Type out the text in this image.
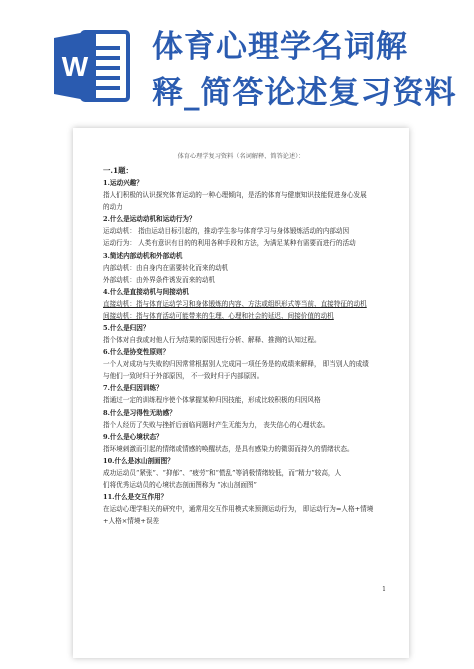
W
体育心理学名词解
释_简答论述复习资料
体育心理学复习资料（名词解释、简答论述）：
一.1题：
1.运动兴趣？
指人们积极的认识探究体育运动的一种心理倾向，是活的体育与健康知识技能促进身心发展
的动力
2.什么是运动动机和运动行为？
运动动机： 指由运动目标引起的，推动学生参与体育学习与身体锻炼活动的内部动因
运动行为： 人类有意识有目的的利用各种手段和方法，为满足某种有需要而进行的活动
3.简述内部动机和外部动机
内部动机：由自身内在需要转化而来的动机
外部动机：由外界条件诱发而来的动机
4.什么是直接动机与间接动机
直接动机：指与体育运动学习和身体锻炼的内容、方法或组织形式等当前、直接特征的动机
间接动机：指与体育活动可能带来的生理、心理和社会的延迟、间接价值的动机
5.什么是归因？
指个体对自我或对他人行为结果的原因进行分析、解释、推测的认知过程。
6.什么是协变性原则？
一个人对成功与失败的归因常常根据别人完成同一项任务是的成绩来解释， 即当别人的成绩
与他们一致时归于外部原因， 不一致时归于内部原因。
7.什么是归因训练？
指通过一定的训练程序使个体掌握某种归因技能，形成比较积极的归因风格
8.什么是习得性无助感？
指个人经历了失败与挫折后面临问题时产生无能为力， 丧失信心的心理状态。
9.什么是心境状态？
指环境刺激而引起的情绪或情感的唤醒状态，是具有感染力的微弱而持久的情绪状态。
10.什么是冰山剖面图？
成功运动员“紧张”、“抑郁”、“疲劳”和“慌乱”等消极情绪较低，而“精力”较高，人
们将优秀运动员的心境状态剖面图称为 “冰山剖面图”
11.什么是交互作用？
在运动心理学相关的研究中，通常用交互作用模式来预测运动行为， 即运动行为=人格+情境
+人格×情境+误差
1
